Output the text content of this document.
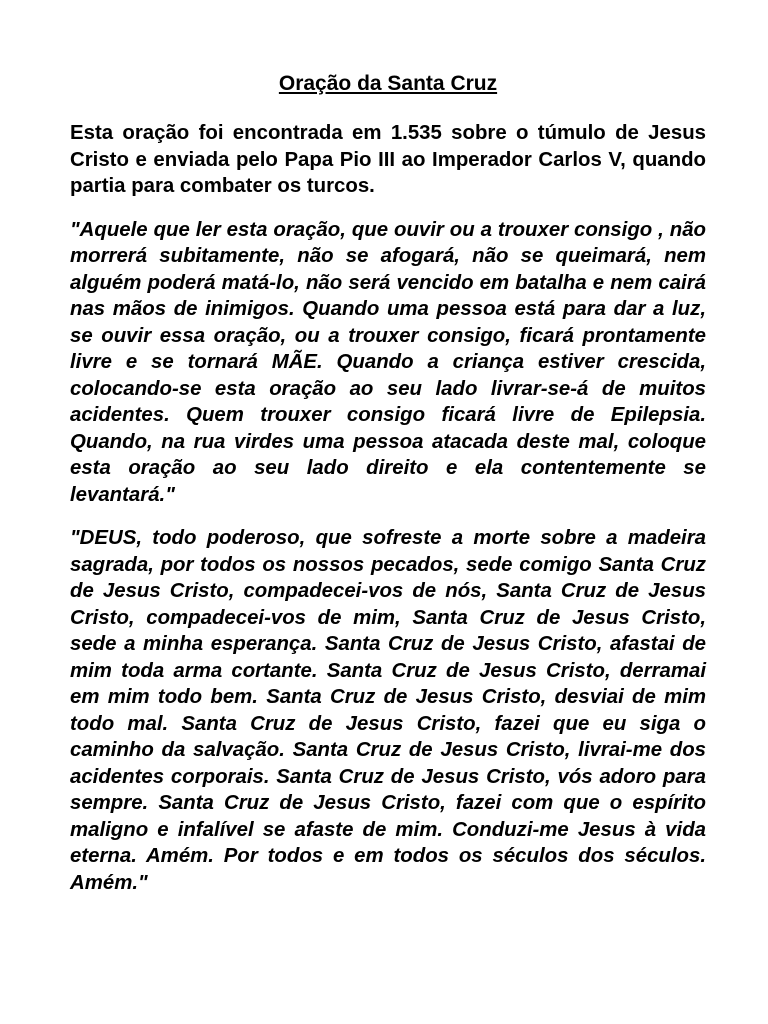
Oração da Santa Cruz

Esta oração foi encontrada em 1.535 sobre o túmulo de Jesus Cristo e enviada pelo Papa Pio III ao Imperador Carlos V, quando partia para combater os turcos.

"Aquele que ler esta oração, que ouvir ou a trouxer consigo , não morrerá subitamente, não se afogará, não se queimará, nem alguém poderá matá-lo, não será vencido em batalha e nem cairá nas mãos de inimigos. Quando uma pessoa está para dar a luz, se ouvir essa oração, ou a trouxer consigo, ficará prontamente livre e se tornará MÃE. Quando a criança estiver crescida, colocando-se esta oração ao seu lado livrar-se-á de muitos acidentes. Quem trouxer consigo ficará livre de Epilepsia. Quando, na rua virdes uma pessoa atacada deste mal, coloque esta oração ao seu lado direito e ela contentemente se levantará."

"DEUS, todo poderoso, que sofreste a morte sobre a madeira sagrada, por todos os nossos pecados, sede comigo Santa Cruz de Jesus Cristo, compadecei-vos de nós, Santa Cruz de Jesus Cristo, compadecei-vos de mim, Santa Cruz de Jesus Cristo, sede a minha esperança. Santa Cruz de Jesus Cristo, afastai de mim toda arma cortante. Santa Cruz de Jesus Cristo, derramai em mim todo bem. Santa Cruz de Jesus Cristo, desviai de mim todo mal. Santa Cruz de Jesus Cristo, fazei que eu siga o caminho da salvação. Santa Cruz de Jesus Cristo, livrai-me dos acidentes corporais. Santa Cruz de Jesus Cristo, vós adoro para sempre. Santa Cruz de Jesus Cristo, fazei com que o espírito maligno e infalível se afaste de mim. Conduzi-me Jesus à vida eterna. Amém. Por todos e em todos os séculos dos séculos. Amém."
